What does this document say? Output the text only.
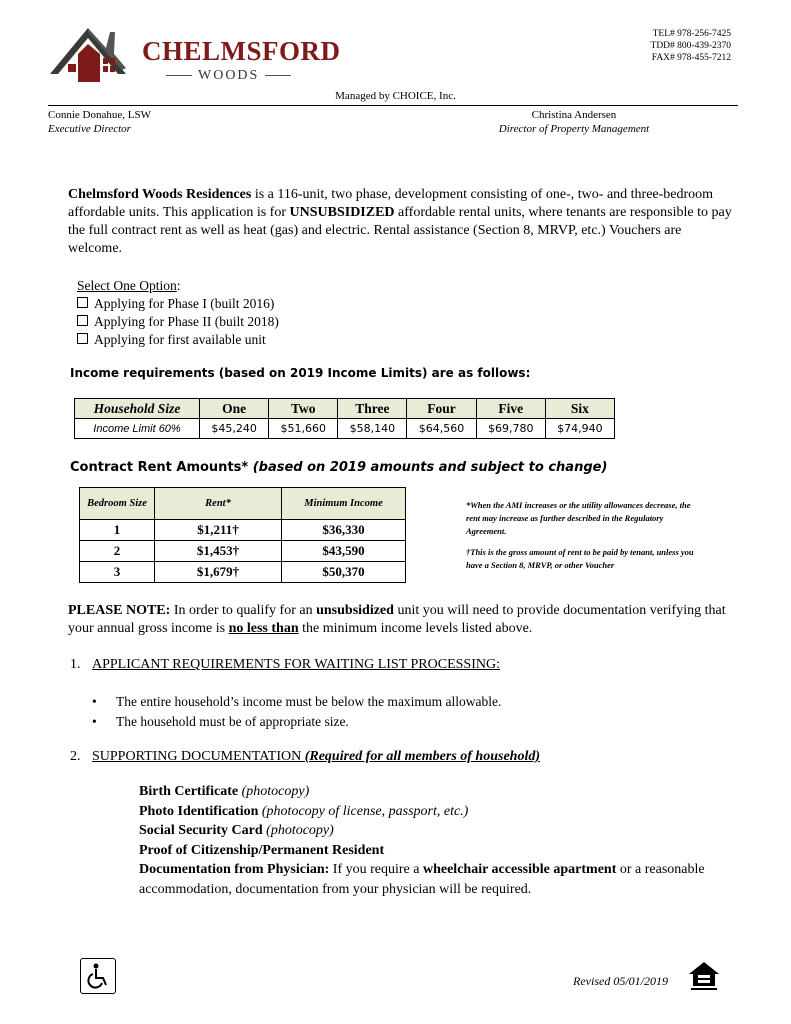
CHELMSFORD
WOODS
TEL# 978-256-7425
TDD# 800-439-2370
FAX# 978-455-7212
Managed by CHOICE, Inc.
Connie Donahue, LSW
Executive Director
Christina Andersen
Director of Property Management
Chelmsford Woods Residences is a 116-unit, two phase, development consisting of one-, two- and three-bedroom affordable units. This application is for UNSUBSIDIZED affordable rental units, where tenants are responsible to pay the full contract rent as well as heat (gas) and electric. Rental assistance (Section 8, MRVP, etc.) Vouchers are welcome.
Select One Option:
Applying for Phase I (built 2016)
Applying for Phase II (built 2018)
Applying for first available unit
Income requirements (based on 2019 Income Limits) are as follows:
Household Size	One	Two	Three	Four	Five	Six
Income Limit 60%	$45,240	$51,660	$58,140	$64,560	$69,780	$74,940
Contract Rent Amounts* (based on 2019 amounts and subject to change)
Bedroom Size	Rent*	Minimum Income
1	$1,211†	$36,330
2	$1,453†	$43,590
3	$1,679†	$50,370
*When the AMI increases or the utility allowances decrease, the rent may increase as further described in the Regulatory Agreement.
†This is the gross amount of rent to be paid by tenant, unless you have a Section 8, MRVP, or other Voucher
PLEASE NOTE: In order to qualify for an unsubsidized unit you will need to provide documentation verifying that your annual gross income is no less than the minimum income levels listed above.
1. APPLICANT REQUIREMENTS FOR WAITING LIST PROCESSING:
• The entire household’s income must be below the maximum allowable.
• The household must be of appropriate size.
2. SUPPORTING DOCUMENTATION (Required for all members of household)
Birth Certificate (photocopy)
Photo Identification (photocopy of license, passport, etc.)
Social Security Card (photocopy)
Proof of Citizenship/Permanent Resident
Documentation from Physician: If you require a wheelchair accessible apartment or a reasonable accommodation, documentation from your physician will be required.
Revised 05/01/2019
